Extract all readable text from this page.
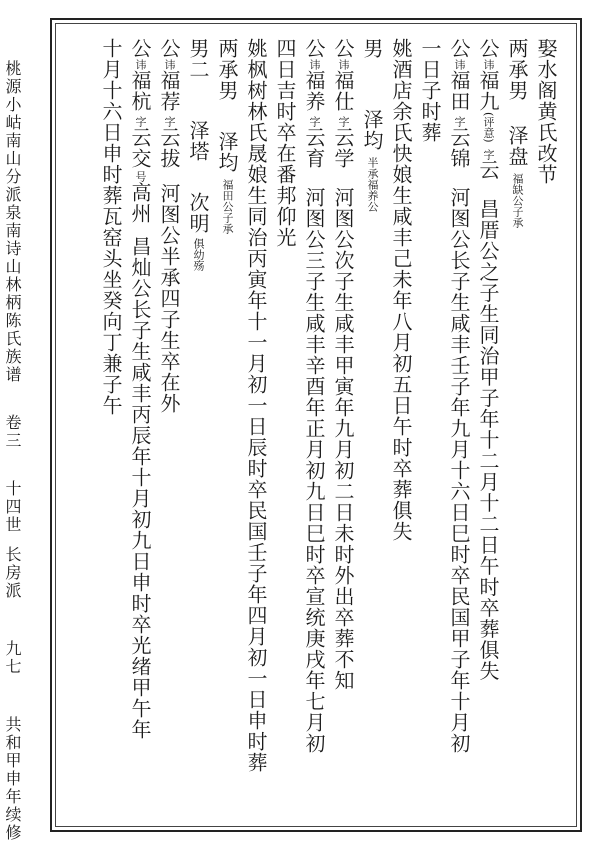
桃源小岵南山分派泉南诗山林柄陈氏族谱卷三十四世长房派九七共和甲申年续修
娶水阁黄氏改节
两承男泽盘福缺公子承
公讳福九(评意)字云昌厝公之子生同治甲子年十二月十二日午时卒葬俱失
公讳福田字云锦河图公长子生咸丰壬子年九月十六日巳时卒民国甲子年十月初
一日子时葬
姚酒店余氏快娘生咸丰己未年八月初五日午时卒葬俱失
男泽均半承福养公
公讳福仕字云学河图公次子生咸丰甲寅年九月初二日未时外出卒葬不知
公讳福养字云育河图公三子生咸丰辛酉年正月初九日巳时卒宣统庚戌年七月初
四日吉时卒在番邦仰光
姚枫树林氏晟娘生同治丙寅年十一月初一日辰时卒民国壬子年四月初一日申时葬
两承男泽均福田公子承
男二泽塔次明俱幼殇
公讳福荐字云拔河图公半承四子生卒在外
公讳福杭字云交号高州昌灿公长子生咸丰丙辰年十月初九日申时卒光绪甲午年
十月十六日申时葬瓦窑头坐癸向丁兼子午
